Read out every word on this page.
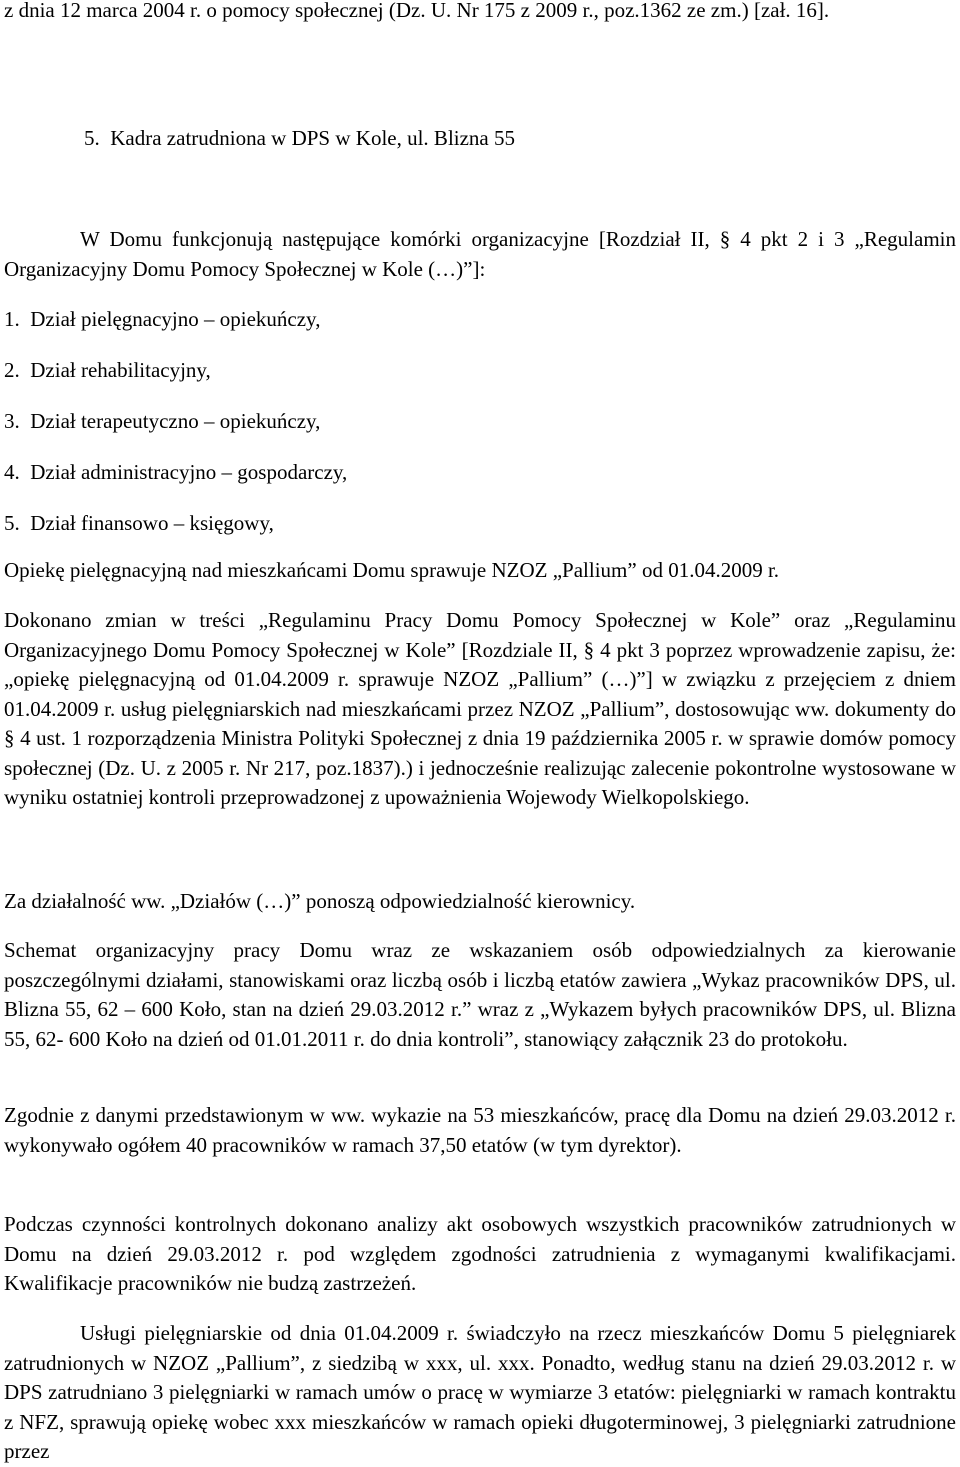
z dnia 12 marca 2004 r. o pomocy społecznej (Dz. U. Nr 175 z 2009 r., poz.1362 ze zm.) [zał. 16].

5.  Kadra zatrudniona w DPS w Kole, ul. Blizna 55

W Domu funkcjonują następujące komórki organizacyjne [Rozdział II, § 4 pkt 2 i 3 „Regulamin Organizacyjny Domu Pomocy Społecznej w Kole (…)”]:

1.  Dział pielęgnacyjno – opiekuńczy,

2.  Dział rehabilitacyjny,

3.  Dział terapeutyczno – opiekuńczy,

4.  Dział administracyjno – gospodarczy,

5.  Dział finansowo – księgowy,

Opiekę pielęgnacyjną nad mieszkańcami Domu sprawuje NZOZ „Pallium” od 01.04.2009 r.

Dokonano zmian w treści „Regulaminu Pracy Domu Pomocy Społecznej w Kole” oraz „Regulaminu Organizacyjnego Domu Pomocy Społecznej w Kole” [Rozdziale II, § 4 pkt 3 poprzez wprowadzenie zapisu, że: „opiekę pielęgnacyjną od 01.04.2009 r. sprawuje NZOZ „Pallium” (…)”] w związku z przejęciem z dniem 01.04.2009 r. usług pielęgniarskich nad mieszkańcami przez NZOZ „Pallium”, dostosowując ww. dokumenty do § 4 ust. 1 rozporządzenia Ministra Polityki Społecznej z dnia 19 października 2005 r. w sprawie domów pomocy społecznej (Dz. U. z 2005 r. Nr 217, poz.1837).) i jednocześnie realizując zalecenie pokontrolne wystosowane w wyniku ostatniej kontroli przeprowadzonej z upoważnienia Wojewody Wielkopolskiego.

Za działalność ww. „Działów (…)” ponoszą odpowiedzialność kierownicy.

Schemat organizacyjny pracy Domu wraz ze wskazaniem osób odpowiedzialnych za kierowanie poszczególnymi działami, stanowiskami oraz liczbą osób i liczbą etatów zawiera „Wykaz pracowników DPS, ul. Blizna 55, 62 – 600 Koło, stan na dzień 29.03.2012 r.” wraz z „Wykazem byłych pracowników DPS, ul. Blizna 55, 62- 600 Koło na dzień od 01.01.2011 r. do dnia kontroli”, stanowiący załącznik 23 do protokołu.

Zgodnie z danymi przedstawionym w ww. wykazie na 53 mieszkańców, pracę dla Domu na dzień 29.03.2012 r. wykonywało ogółem 40 pracowników w ramach 37,50 etatów (w tym dyrektor).

Podczas czynności kontrolnych dokonano analizy akt osobowych wszystkich pracowników zatrudnionych w Domu na dzień 29.03.2012 r. pod względem zgodności zatrudnienia z wymaganymi kwalifikacjami. Kwalifikacje pracowników nie budzą zastrzeżeń.

Usługi pielęgniarskie od dnia 01.04.2009 r. świadczyło na rzecz mieszkańców Domu 5 pielęgniarek zatrudnionych w NZOZ „Pallium”, z siedzibą w xxx, ul. xxx. Ponadto, według stanu na dzień 29.03.2012 r. w DPS zatrudniano 3 pielęgniarki w ramach umów o pracę w wymiarze 3 etatów: pielęgniarki w ramach kontraktu z NFZ, sprawują opiekę wobec xxx mieszkańców w ramach opieki długoterminowej, 3 pielęgniarki zatrudnione przez
